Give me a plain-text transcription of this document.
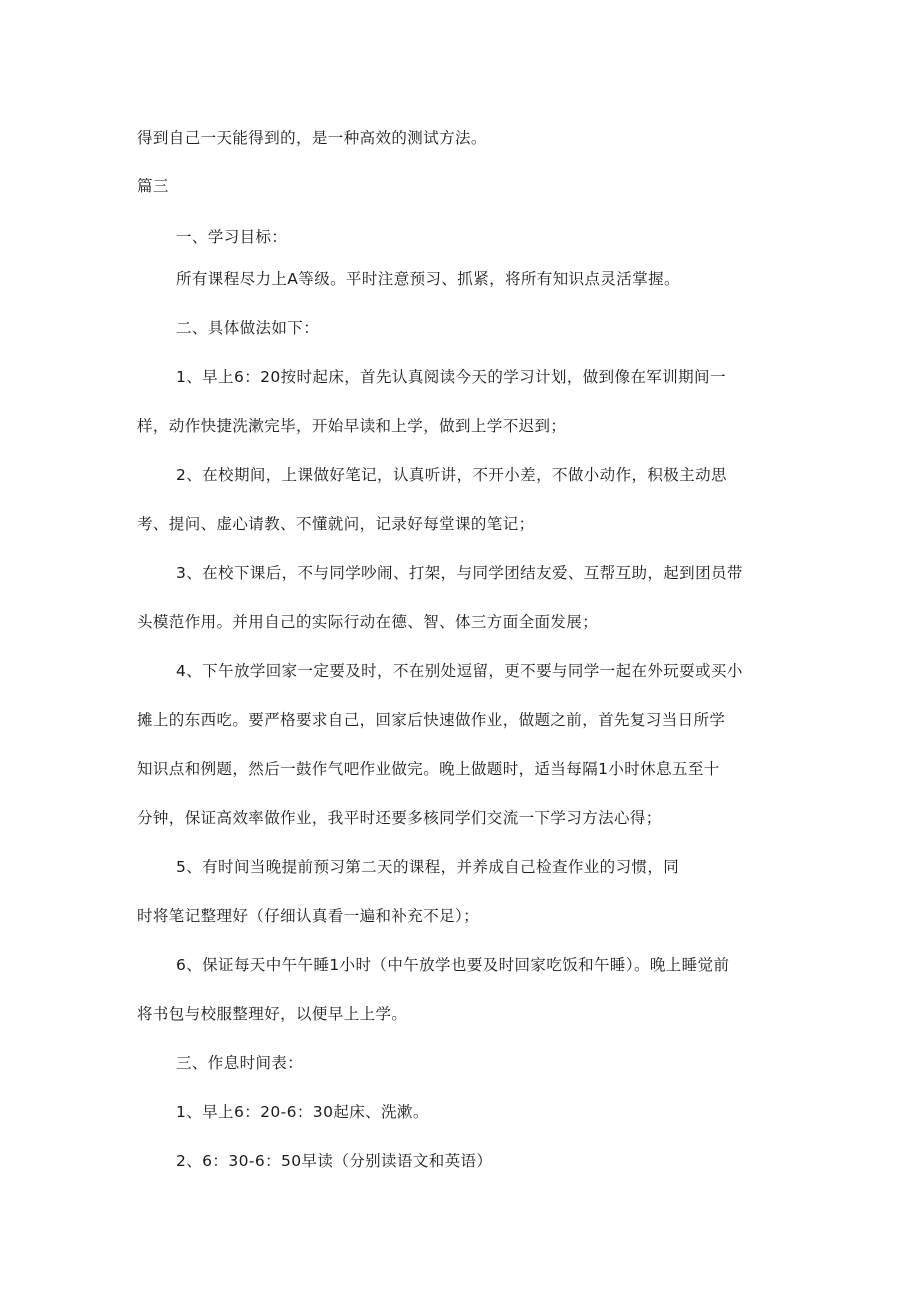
得到自己一天能得到的，是一种高效的测试方法。
篇三
一、学习目标：
所有课程尽力上A等级。平时注意预习、抓紧，将所有知识点灵活掌握。
二、具体做法如下：
1、早上6：20按时起床，首先认真阅读今天的学习计划，做到像在军训期间一
样，动作快捷洗漱完毕，开始早读和上学，做到上学不迟到；
2、在校期间，上课做好笔记，认真听讲，不开小差，不做小动作，积极主动思
考、提问、虚心请教、不懂就问，记录好每堂课的笔记；
3、在校下课后，不与同学吵闹、打架，与同学团结友爱、互帮互助，起到团员带
头模范作用。并用自己的实际行动在德、智、体三方面全面发展；
4、下午放学回家一定要及时，不在别处逗留，更不要与同学一起在外玩耍或买小
摊上的东西吃。要严格要求自己，回家后快速做作业，做题之前，首先复习当日所学
知识点和例题，然后一鼓作气吧作业做完。晚上做题时，适当每隔1小时休息五至十
分钟，保证高效率做作业，我平时还要多核同学们交流一下学习方法心得；
5、有时间当晚提前预习第二天的课程，并养成自己检查作业的习惯，同
时将笔记整理好（仔细认真看一遍和补充不足）；
6、保证每天中午午睡1小时（中午放学也要及时回家吃饭和午睡）。晚上睡觉前
将书包与校服整理好，以便早上上学。
三、作息时间表：
1、早上6：20-6：30起床、洗漱。
2、6：30-6：50早读（分别读语文和英语）
